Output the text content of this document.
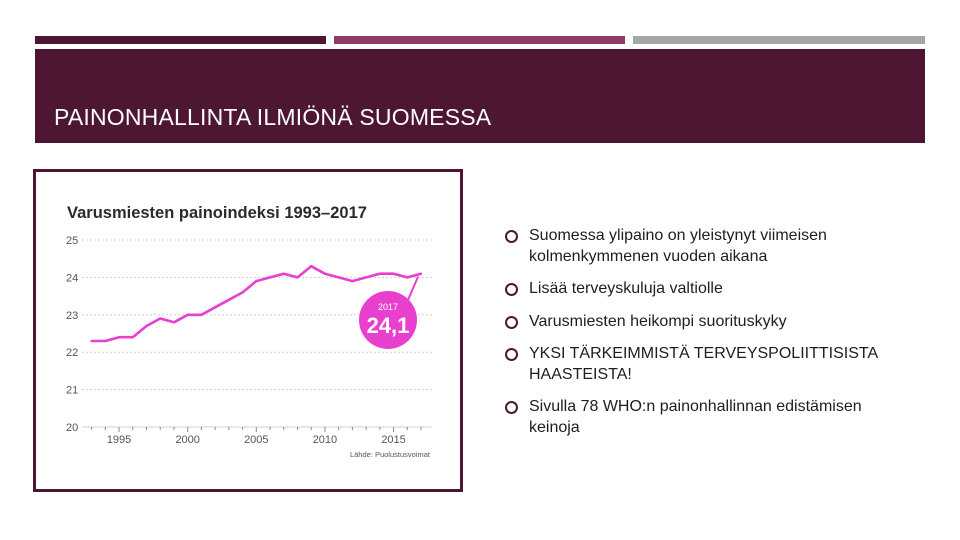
PAINONHALLINTA ILMIÖNÄ SUOMESSA
Varusmiesten painoindeksi 1993–2017
20
21
22
23
24
25
1995	2000	2005	2010	2015
2017
24,1
Lähde: Puolustusvoimat
Suomessa ylipaino on yleistynyt viimeisen kolmenkymmenen vuoden aikana
Lisää terveyskuluja valtiolle
Varusmiesten heikompi suorituskyky
YKSI TÄRKEIMMISTÄ TERVEYSPOLIITTISISTA HAASTEISTA!
Sivulla 78 WHO:n painonhallinnan edistämisen keinoja
